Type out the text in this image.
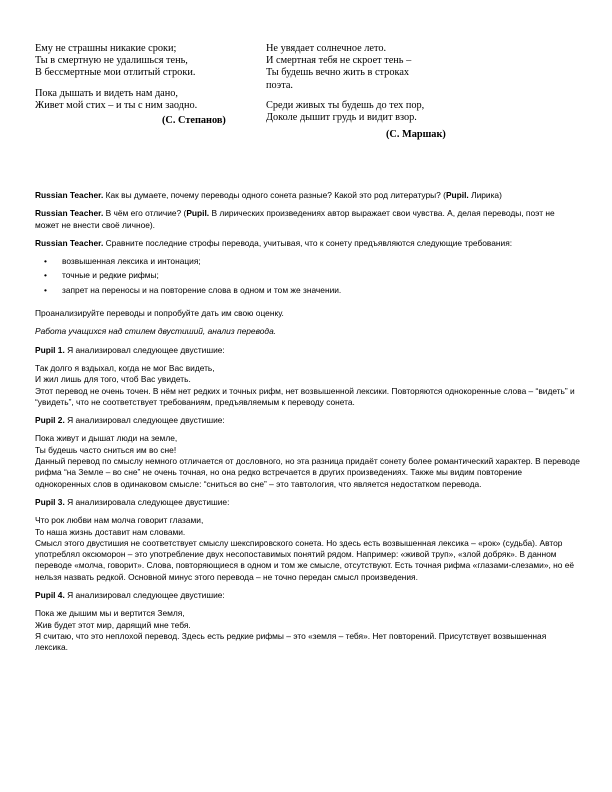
Ему не страшны никакие сроки;
Ты в смертную не удалишься тень,
В бессмертные мои отлитый строки.
Пока дышать и видеть нам дано,
Живет мой стих – и ты с ним заодно.
(С. Степанов)
Не увядает солнечное лето.
И смертная тебя не скроет тень –
Ты будешь вечно жить в строках
поэта.
Среди живых ты будешь до тех пор,
Доколе дышит грудь и видит взор.
(С. Маршак)

Russian Teacher. Как вы думаете, почему переводы одного сонета разные? Какой это род литературы? (Pupil. Лирика)

Russian Teacher. В чём его отличие? (Pupil. В лирических произведениях автор выражает свои чувства. А, делая переводы, поэт не может не внести своё личное).

Russian Teacher. Сравните последние строфы перевода, учитывая, что к сонету предъявляются следующие требования:

• возвышенная лексика и интонация;
• точные и редкие рифмы;
• запрет на переносы и на повторение слова в одном и том же значении.

Проанализируйте переводы и попробуйте дать им свою оценку.

Работа учащихся над стилем двустиший, анализ перевода.

Pupil 1. Я анализировал следующее двустишие:

Так долго я вздыхал, когда не мог Вас видеть,
И жил лишь для того, чтоб Вас увидеть.
Этот перевод не очень точен. В нём нет редких и точных рифм, нет возвышенной лексики. Повторяются однокоренные слова – “видеть” и “увидеть”, что не соответствует требованиям, предъявляемым к переводу сонета.

Pupil 2. Я анализировал следующее двустишие:

Пока живут и дышат люди на земле,
Ты будешь часто сниться им во сне!
Данный перевод по смыслу немного отличается от дословного, но эта разница придаёт сонету более романтический характер. В переводе рифма “на Земле – во сне” не очень точная, но она редко встречается в других произведениях. Также мы видим повторение однокоренных слов в одинаковом смысле: “сниться во сне” – это тавтология, что является недостатком перевода.

Pupil 3. Я анализировала следующее двустишие:

Что рок любви нам молча говорит глазами,
То наша жизнь доставит нам словами.
Смысл этого двустишия не соответствует смыслу шекспировского сонета. Но здесь есть возвышенная лексика – «рок» (судьба). Автор употреблял оксюморон – это употребление двух несопоставимых понятий рядом. Например: «живой труп», «злой добряк». В данном переводе «молча, говорит». Слова, повторяющиеся в одном и том же смысле, отсутствуют. Есть точная рифма «глазами-слезами», но её нельзя назвать редкой. Основной минус этого перевода – не точно передан смысл произведения.

Pupil 4. Я анализировал следующее двустишие:

Пока же дышим мы и вертится Земля,
Жив будет этот мир, дарящий мне тебя.
Я считаю, что это неплохой перевод. Здесь есть редкие рифмы – это «земля – тебя». Нет повторений. Присутствует возвышенная лексика.
